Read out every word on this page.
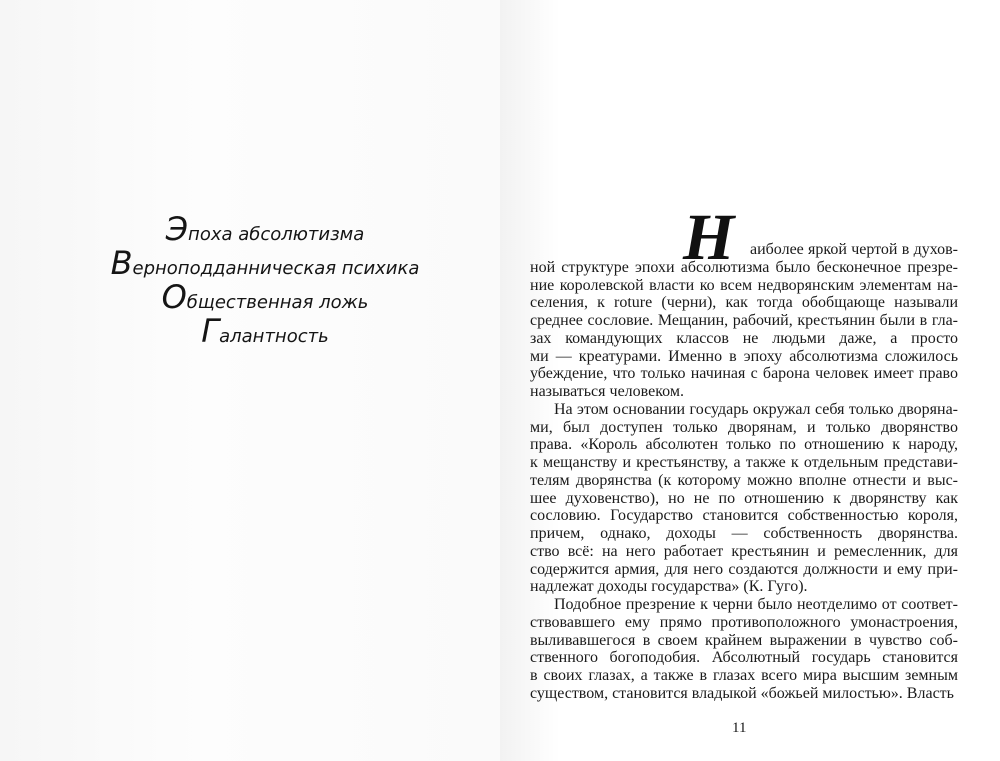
Эпоха абсолютизма
Верноподданническая психика
Общественная ложь
Галантность
Н аиболее яркой чертой в духов-
ной структуре эпохи абсолютизма было бесконечное презре-
ние королевской власти ко всем недворянским элементам на-
селения, к roture (черни), как тогда обобщающе называли
среднее сословие. Мещанин, рабочий, крестьянин были в гла-
зах командующих классов не людьми даже, а просто
ми — креатурами. Именно в эпоху абсолютизма сложилось
убеждение, что только начиная с барона человек имеет право
называться человеком.
На этом основании государь окружал себя только дворяна-
ми, был доступен только дворянам, и только дворянство
права. «Король абсолютен только по отношению к народу,
к мещанству и крестьянству, а также к отдельным представи-
телям дворянства (к которому можно вполне отнести и выс-
шее духовенство), но не по отношению к дворянству как
сословию. Государство становится собственностью короля,
причем, однако, доходы — собственность дворянства.
ство всё: на него работает крестьянин и ремесленник, для
содержится армия, для него создаются должности и ему при-
надлежат доходы государства» (К. Гуго).
Подобное презрение к черни было неотделимо от соответ-
ствовавшего ему прямо противоположного умонастроения,
выливавшегося в своем крайнем выражении в чувство соб-
ственного богоподобия. Абсолютный государь становится
в своих глазах, а также в глазах всего мира высшим земным
существом, становится владыкой «божьей милостью». Власть
11
